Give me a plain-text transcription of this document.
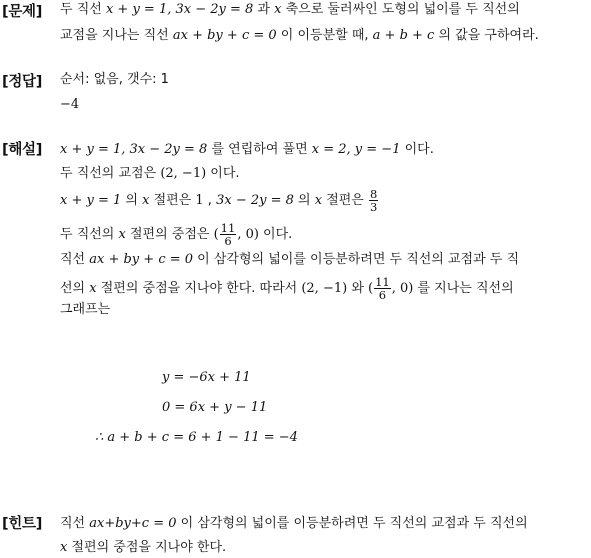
[문제] 두 직선 x + y = 1, 3x − 2y = 8 과 x 축으로 둘러싸인 도형의 넓이를 두 직선의
교점을 지나는 직선 ax + by + c = 0 이 이등분할 때, a + b + c 의 값을 구하여라.
[정답] 순서: 없음, 갯수: 1
−4
[해설] x + y = 1, 3x − 2y = 8 를 연립하여 풀면 x = 2, y = −1 이다.
두 직선의 교점은 (2, −1) 이다.
x + y = 1 의 x 절편은 1 , 3x − 2y = 8 의 x 절편은 $\frac{8}{3}$
두 직선의 x 절편의 중점은 ( $\frac{11}{6}$ , 0) 이다.
직선 ax + by + c = 0 이 삼각형의 넓이를 이등분하려면 두 직선의 교점과 두 직
선의 x 절편의 중점을 지나야 한다. 따라서 (2, −1) 와 ( $\frac{11}{6}$ , 0) 를 지나는 직선의
그래프는
y = −6x + 11
0 = 6x + y − 11
∴ a + b + c = 6 + 1 − 11 = −4
[힌트] 직선 ax+by+c = 0 이 삼각형의 넓이를 이등분하려면 두 직선의 교점과 두 직선의
x 절편의 중점을 지나야 한다.
